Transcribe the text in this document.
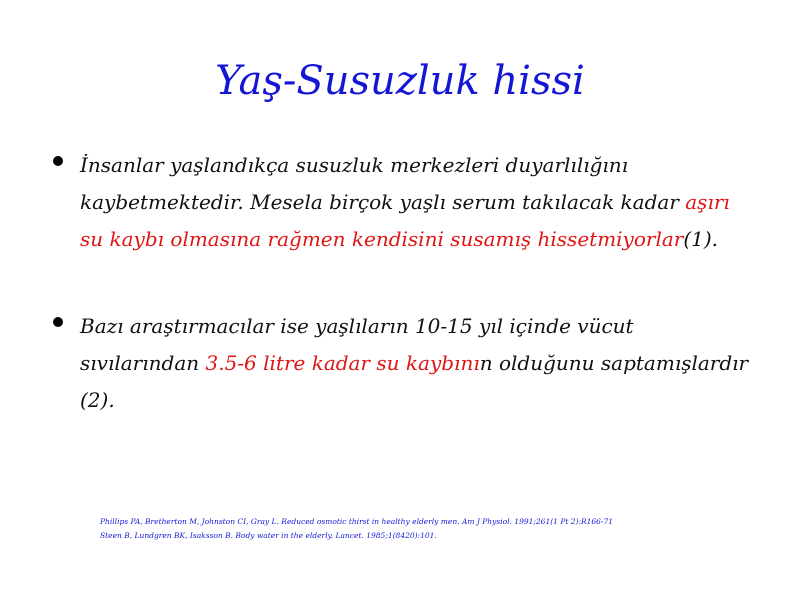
Yaş-Susuzluk hissi
İnsanlar yaşlandıkça susuzluk merkezleri duyarlılığını kaybetmektedir. Mesela birçok yaşlı serum takılacak kadar aşırı su kaybı olmasına rağmen kendisini susamış hissetmiyorlar(1).
Bazı araştırmacılar ise yaşlıların 10-15 yıl içinde vücut sıvılarından 3.5-6 litre kadar su kaybının olduğunu saptamışlardır (2).
Phillips PA, Bretherton M, Johnston CI, Gray L. Reduced osmotic thirst in healthy elderly men. Am J Physiol. 1991;261(1 Pt 2):R166-71
Steen B, Lundgren BK, Isaksson B. Body water in the elderly. Lancet. 1985;1(8420):101.
